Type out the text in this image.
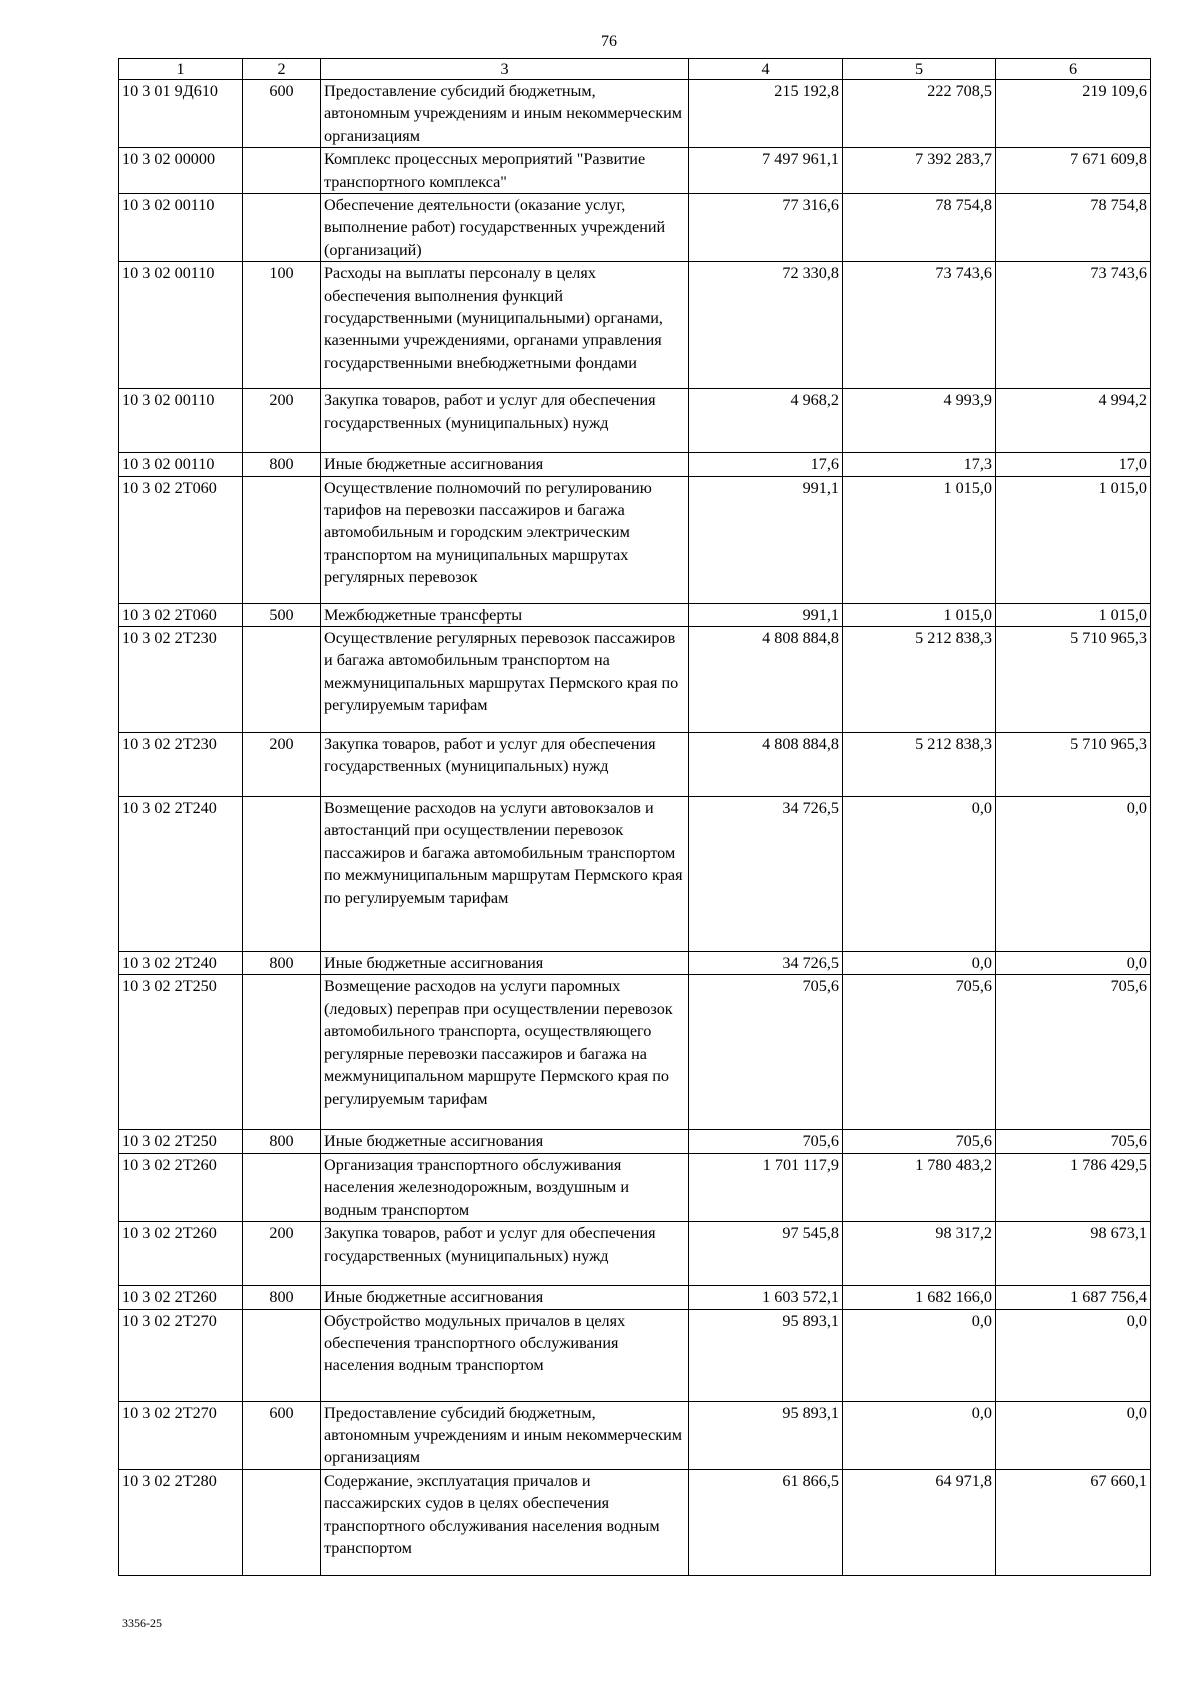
76
1	2	3	4	5	6
10 3 01 9Д610	600	Предоставление субсидий бюджетным, автономным учреждениям и иным некоммерческим организациям	215 192,8	222 708,5	219 109,6
10 3 02 00000		Комплекс процессных мероприятий "Развитие транспортного комплекса"	7 497 961,1	7 392 283,7	7 671 609,8
10 3 02 00110		Обеспечение деятельности (оказание услуг, выполнение работ) государственных учреждений (организаций)	77 316,6	78 754,8	78 754,8
10 3 02 00110	100	Расходы на выплаты персоналу в целях обеспечения выполнения функций государственными (муниципальными) органами, казенными учреждениями, органами управления государственными внебюджетными фондами	72 330,8	73 743,6	73 743,6
10 3 02 00110	200	Закупка товаров, работ и услуг для обеспечения государственных (муниципальных) нужд	4 968,2	4 993,9	4 994,2
10 3 02 00110	800	Иные бюджетные ассигнования	17,6	17,3	17,0
10 3 02 2Т060		Осуществление полномочий по регулированию тарифов на перевозки пассажиров и багажа автомобильным и городским электрическим транспортом на муниципальных маршрутах регулярных перевозок	991,1	1 015,0	1 015,0
10 3 02 2Т060	500	Межбюджетные трансферты	991,1	1 015,0	1 015,0
10 3 02 2Т230		Осуществление регулярных перевозок пассажиров и багажа автомобильным транспортом на межмуниципальных маршрутах Пермского края по регулируемым тарифам	4 808 884,8	5 212 838,3	5 710 965,3
10 3 02 2Т230	200	Закупка товаров, работ и услуг для обеспечения государственных (муниципальных) нужд	4 808 884,8	5 212 838,3	5 710 965,3
10 3 02 2Т240		Возмещение расходов на услуги автовокзалов и автостанций при осуществлении перевозок пассажиров и багажа автомобильным транспортом по межмуниципальным маршрутам Пермского края по регулируемым тарифам	34 726,5	0,0	0,0
10 3 02 2Т240	800	Иные бюджетные ассигнования	34 726,5	0,0	0,0
10 3 02 2Т250		Возмещение расходов на услуги паромных (ледовых) переправ при осуществлении перевозок автомобильного транспорта, осуществляющего регулярные перевозки пассажиров и багажа на межмуниципальном маршруте Пермского края по регулируемым тарифам	705,6	705,6	705,6
10 3 02 2Т250	800	Иные бюджетные ассигнования	705,6	705,6	705,6
10 3 02 2Т260		Организация транспортного обслуживания населения железнодорожным, воздушным и водным транспортом	1 701 117,9	1 780 483,2	1 786 429,5
10 3 02 2Т260	200	Закупка товаров, работ и услуг для обеспечения государственных (муниципальных) нужд	97 545,8	98 317,2	98 673,1
10 3 02 2Т260	800	Иные бюджетные ассигнования	1 603 572,1	1 682 166,0	1 687 756,4
10 3 02 2Т270		Обустройство модульных причалов в целях обеспечения транспортного обслуживания населения водным транспортом	95 893,1	0,0	0,0
10 3 02 2Т270	600	Предоставление субсидий бюджетным, автономным учреждениям и иным некоммерческим организациям	95 893,1	0,0	0,0
10 3 02 2Т280		Содержание, эксплуатация причалов и пассажирских судов в целях обеспечения транспортного обслуживания населения водным транспортом	61 866,5	64 971,8	67 660,1
3356-25
